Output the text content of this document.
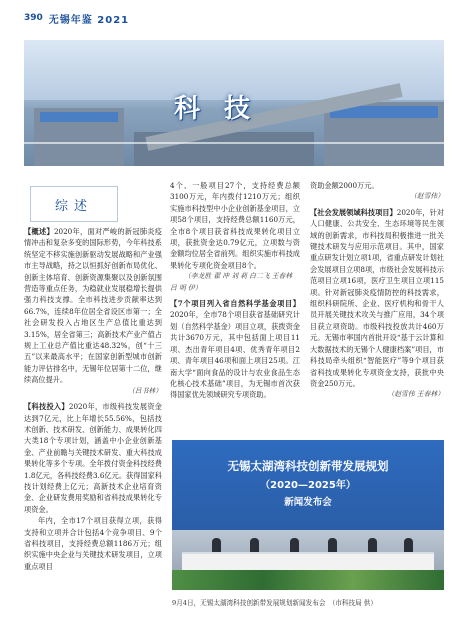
390 无锡年鉴 2021
科技
综述

【概述】2020年，面对严峻的新冠肺炎疫情冲击和复杂多变的国际形势，今年科技系统坚定不移实施创新驱动发展战略和产业强市主导战略，持之以恒抓好创新布局优化、创新主体培育、创新资源集聚以及创新氛围营造等重点任务，为稳就业发展稳增长提供强力科技支撑。全市科技进步贡献率达到66.7%，连续8年位居全省设区市第一；全社会研发投入占地区生产总值比重达到3.15%，居全省第三；高新技术产业产值占规上工业总产值比重达48.32%，创“十三五”以来最高水平；在国家创新型城市创新能力评估排名中，无锡年位居第十二位，继续高位提升。

（吕书林）

【科技投入】2020年，市级科技发展资金达到7亿元，比上年增长55.56%，包括技术创新、技术研发、创新能力、成果转化四大类18个专项计划，涵盖中小企业创新基金、产业前瞻与关键技术研发、重大科技成果转化等多个专项。全年拨付资金科技经费1.8亿元，各科技经费3.6亿元。获得国家科技计划经费上亿元；高新技术企业培育资金、企业研发费用奖励和省科技成果转化专项资金。

年内，全市17个项目获得立项，获得支持和立项并合计包括4个竞争项目、9个省科技项目，支持经费总额1186万元；组织实施中央企业与关键技术研发项目，立项重点项目

4个、一般项目27个，支持经费总额3100万元，年内拨付1210万元；组织实施市科技型中小企业创新基金项目，立项58个项目，支持经费总额1160万元，全市8个项目获省科技成果转化项目立项，获批资金达0.79亿元，立项数与资金额均位居全省前列。组织实施市科技成果转化专项化资金项目8个。

（李龙胜 翟 冲 刘 莉 白二飞 王春林 吕 明 伊）

【7个项目列入省自然科学基金项目】2020年，全市78个项目获省基础研究计划（自然科学基金）项目立项，获拨资金共计3670万元，其中包括面上项目11项、杰出青年项目4项、优秀青年项目2项、青年项目46项和面上项目25项。江南大学“面向食品的设计与农业食品生态化核心技术基础”项目，为无锡市首次获得国家优先领域研究专项资助。

资助金额2000万元。

（赵雪伟）

【社会发展领域科技项目】2020年，针对人口健康、公共安全、生态环境等民生领域的创新需求，市科技局积极推进一批关键技术研发与应用示范项目。其中，国家重点研发计划立项1项，省重点研发计划社会发展项目立项8项，市级社会发展科技示范项目立项16项，医疗卫生项目立项115项。针对新冠肺炎疫情防控的科技需求，组织科研院所、企业、医疗机构和骨干人员开展关键技术攻关与推广应用，34个项目获立项资助。市级科技投放共计460万元。无锡市率国内首批开设“基于云计算和大数据技术的无锡个人健康档案”项目，市科技局牵头组织“智能医疗”等9个项目获省科技成果转化专项资金支持，获批中央资金250万元。

（赵雪伟 王春林）

无锡太湖湾科技创新带发展规划
（2020—2025年）
新闻发布会
9月4日，无锡太湖湾科技创新带发展规划新闻发布会　（市科技局 供）
